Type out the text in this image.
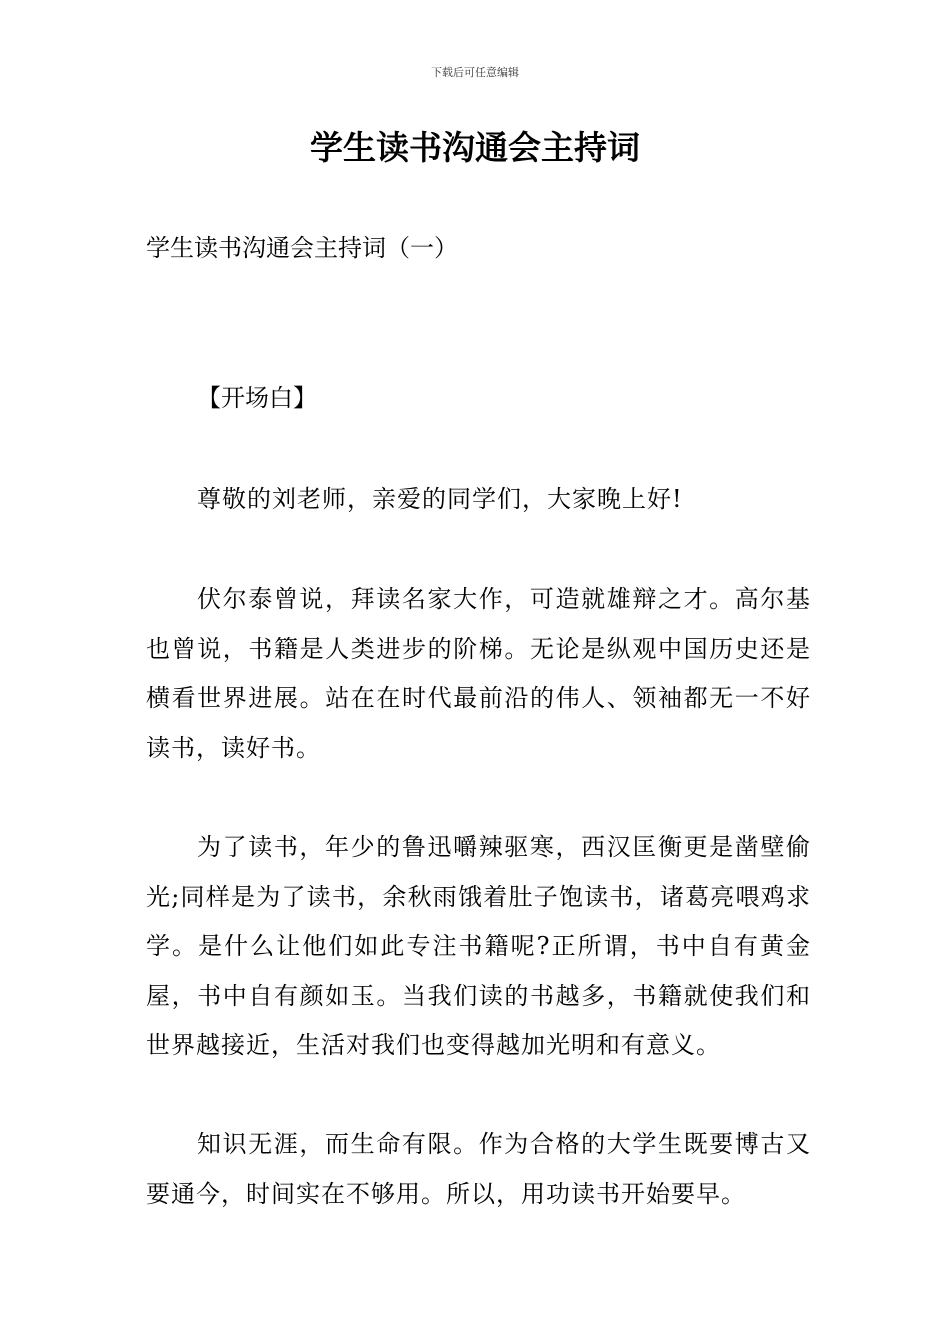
下载后可任意编辑
学生读书沟通会主持词

学生读书沟通会主持词（一）

【开场白】

尊敬的刘老师，亲爱的同学们，大家晚上好!

伏尔泰曾说，拜读名家大作，可造就雄辩之才。高尔基也曾说，书籍是人类进步的阶梯。无论是纵观中国历史还是横看世界进展。站在在时代最前沿的伟人、领袖都无一不好读书，读好书。

为了读书，年少的鲁迅嚼辣驱寒，西汉匡衡更是凿壁偷光;同样是为了读书，余秋雨饿着肚子饱读书，诸葛亮喂鸡求学。是什么让他们如此专注书籍呢?正所谓，书中自有黄金屋，书中自有颜如玉。当我们读的书越多，书籍就使我们和世界越接近，生活对我们也变得越加光明和有意义。

知识无涯，而生命有限。作为合格的大学生既要博古又要通今，时间实在不够用。所以，用功读书开始要早。
